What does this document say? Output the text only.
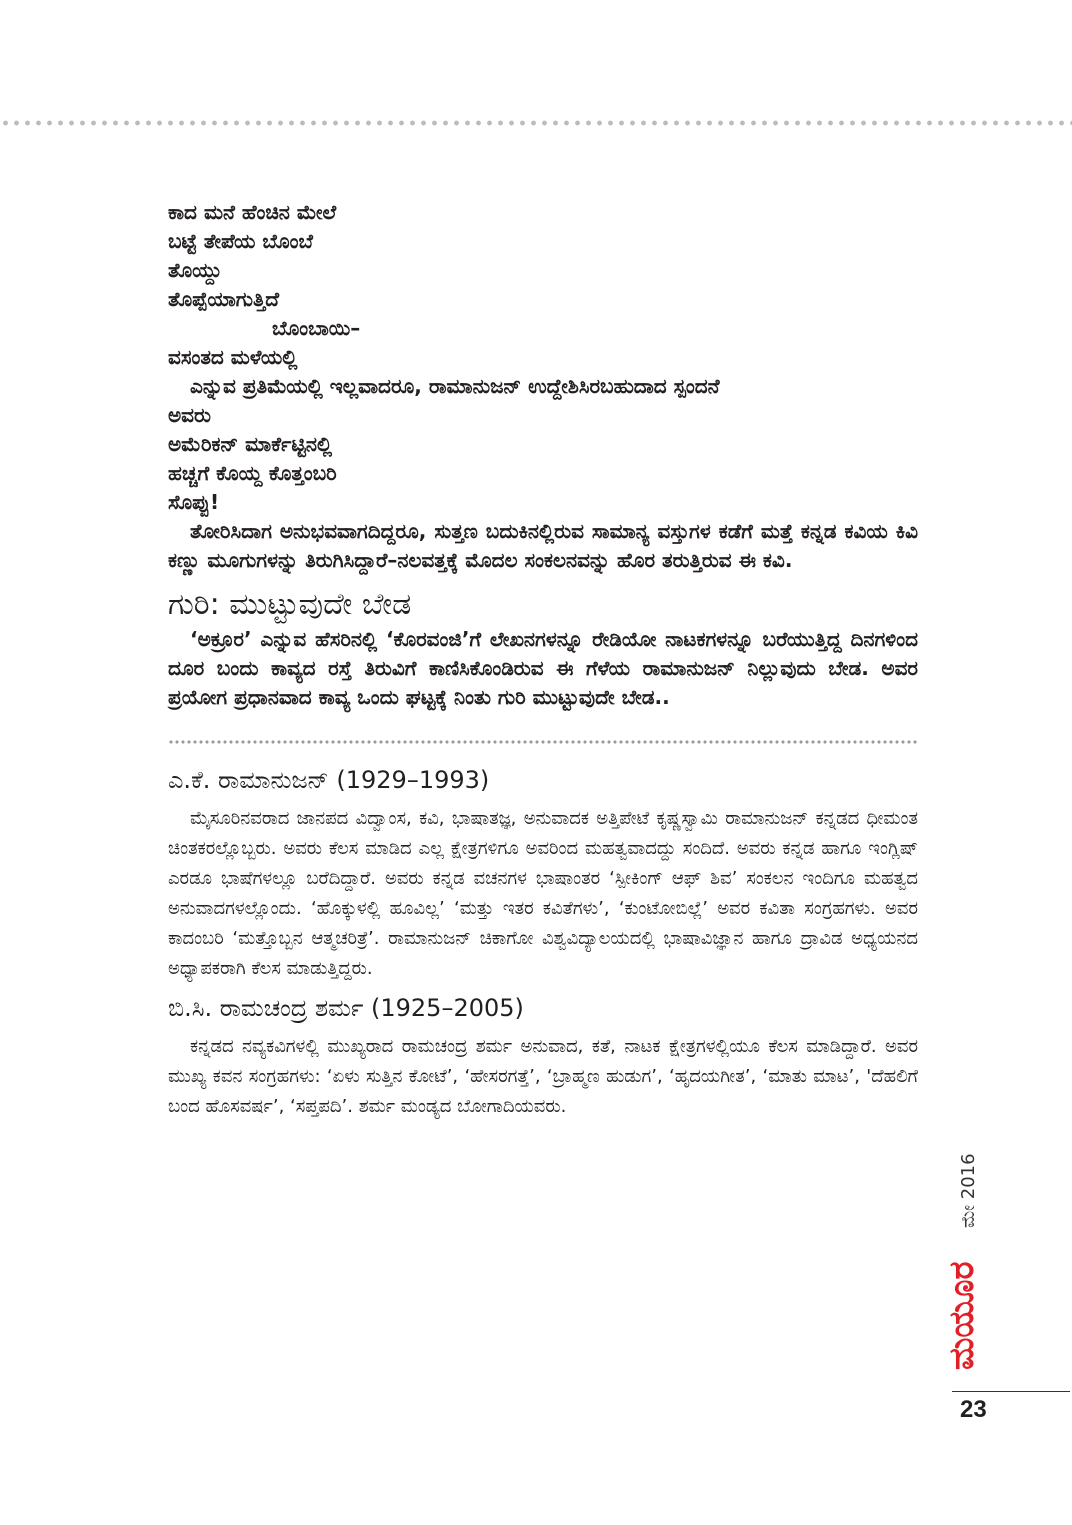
ಕಾದ ಮನೆ ಹೆಂಚಿನ ಮೇಲೆ
ಬಟ್ಟೆ ತೇಪೆಯ ಬೊಂಬೆ
ತೊಯ್ದು
ತೊಪ್ಪೆಯಾಗುತ್ತಿದೆ
ಬೊಂಬಾಯಿ–
ವಸಂತದ ಮಳೆಯಲ್ಲಿ

ಎನ್ನುವ ಪ್ರತಿಮೆಯಲ್ಲಿ ಇಲ್ಲವಾದರೂ, ರಾಮಾನುಜನ್ ಉದ್ದೇಶಿಸಿರಬಹುದಾದ ಸ್ಪಂದನೆ

ಅವರು
ಅಮೆರಿಕನ್ ಮಾರ್ಕೆಟ್ಟಿನಲ್ಲಿ
ಹಚ್ಚಗೆ ಕೊಯ್ದ ಕೊತ್ತಂಬರಿ
ಸೊಪ್ಪು!

ತೋರಿಸಿದಾಗ ಅನುಭವವಾಗದಿದ್ದರೂ, ಸುತ್ತಣ ಬದುಕಿನಲ್ಲಿರುವ ಸಾಮಾನ್ಯ ವಸ್ತುಗಳ ಕಡೆಗೆ ಮತ್ತೆ ಕನ್ನಡ ಕವಿಯ ಕಿವಿ ಕಣ್ಣು ಮೂಗುಗಳನ್ನು ತಿರುಗಿಸಿದ್ದಾರೆ–ನಲವತ್ತಕ್ಕೆ ಮೊದಲ ಸಂಕಲನವನ್ನು ಹೊರ ತರುತ್ತಿರುವ ಈ ಕವಿ.

ಗುರಿ: ಮುಟ್ಟುವುದೇ ಬೇಡ

‘ಅಕ್ರೂರ’ ಎನ್ನುವ ಹೆಸರಿನಲ್ಲಿ ‘ಕೊರವಂಜಿ’ಗೆ ಲೇಖನಗಳನ್ನೂ ರೇಡಿಯೋ ನಾಟಕಗಳನ್ನೂ ಬರೆಯುತ್ತಿದ್ದ ದಿನಗಳಿಂದ ದೂರ ಬಂದು ಕಾವ್ಯದ ರಸ್ತೆ ತಿರುವಿಗೆ ಕಾಣಿಸಿಕೊಂಡಿರುವ ಈ ಗೆಳೆಯ ರಾಮಾನುಜನ್ ನಿಲ್ಲುವುದು ಬೇಡ. ಅವರ ಪ್ರಯೋಗ ಪ್ರಧಾನವಾದ ಕಾವ್ಯ ಒಂದು ಘಟ್ಟಕ್ಕೆ ನಿಂತು ಗುರಿ ಮುಟ್ಟುವುದೇ ಬೇಡ..

ಎ.ಕೆ. ರಾಮಾನುಜನ್ (1929–1993)

ಮೈಸೂರಿನವರಾದ ಜಾನಪದ ವಿದ್ವಾಂಸ, ಕವಿ, ಭಾಷಾತಜ್ಞ, ಅನುವಾದಕ ಅತ್ತಿಪೇಟೆ ಕೃಷ್ಣಸ್ವಾಮಿ ರಾಮಾನುಜನ್ ಕನ್ನಡದ ಧೀಮಂತ ಚಿಂತಕರಲ್ಲೊಬ್ಬರು. ಅವರು ಕೆಲಸ ಮಾಡಿದ ಎಲ್ಲ ಕ್ಷೇತ್ರಗಳಿಗೂ ಅವರಿಂದ ಮಹತ್ವವಾದದ್ದು ಸಂದಿದೆ. ಅವರು ಕನ್ನಡ ಹಾಗೂ ಇಂಗ್ಲಿಷ್ ಎರಡೂ ಭಾಷೆಗಳಲ್ಲೂ ಬರೆದಿದ್ದಾರೆ. ಅವರು ಕನ್ನಡ ವಚನಗಳ ಭಾಷಾಂತರ ‘ಸ್ಪೀಕಿಂಗ್ ಆಫ್ ಶಿವ’ ಸಂಕಲನ ಇಂದಿಗೂ ಮಹತ್ವದ ಅನುವಾದಗಳಲ್ಲೊಂದು. ‘ಹೊಕ್ಕುಳಲ್ಲಿ ಹೂವಿಲ್ಲ’ ‘ಮತ್ತು ಇತರ ಕವಿತೆಗಳು’, ‘ಕುಂಟೋಬಿಲ್ಲೆ’ ಅವರ ಕವಿತಾ ಸಂಗ್ರಹಗಳು. ಅವರ ಕಾದಂಬರಿ ‘ಮತ್ತೊಬ್ಬನ ಆತ್ಮಚರಿತ್ರೆ’. ರಾಮಾನುಜನ್ ಚಿಕಾಗೋ ವಿಶ್ವವಿದ್ಯಾಲಯದಲ್ಲಿ ಭಾಷಾವಿಜ್ಞಾನ ಹಾಗೂ ದ್ರಾವಿಡ ಅಧ್ಯಯನದ ಅಧ್ಯಾಪಕರಾಗಿ ಕೆಲಸ ಮಾಡುತ್ತಿದ್ದರು.

ಬಿ.ಸಿ. ರಾಮಚಂದ್ರ ಶರ್ಮ (1925–2005)

ಕನ್ನಡದ ನವ್ಯಕವಿಗಳಲ್ಲಿ ಮುಖ್ಯರಾದ ರಾಮಚಂದ್ರ ಶರ್ಮ ಅನುವಾದ, ಕತೆ, ನಾಟಕ ಕ್ಷೇತ್ರಗಳಲ್ಲಿಯೂ ಕೆಲಸ ಮಾಡಿದ್ದಾರೆ. ಅವರ ಮುಖ್ಯ ಕವನ ಸಂಗ್ರಹಗಳು: ‘ಏಳು ಸುತ್ತಿನ ಕೋಟೆ’, ‘ಹೇಸರಗತ್ತೆ’, ‘ಬ್ರಾಹ್ಮಣ ಹುಡುಗ’, ‘ಹೃದಯಗೀತ’, ‘ಮಾತು ಮಾಟ’, 'ದೆಹಲಿಗೆ ಬಂದ ಹೊಸವರ್ಷ’, ‘ಸಪ್ತಪದಿ’. ಶರ್ಮ ಮಂಡ್ಯದ ಬೋಗಾದಿಯವರು.

ಮೇ 2016
ಮಯೂರ
23
